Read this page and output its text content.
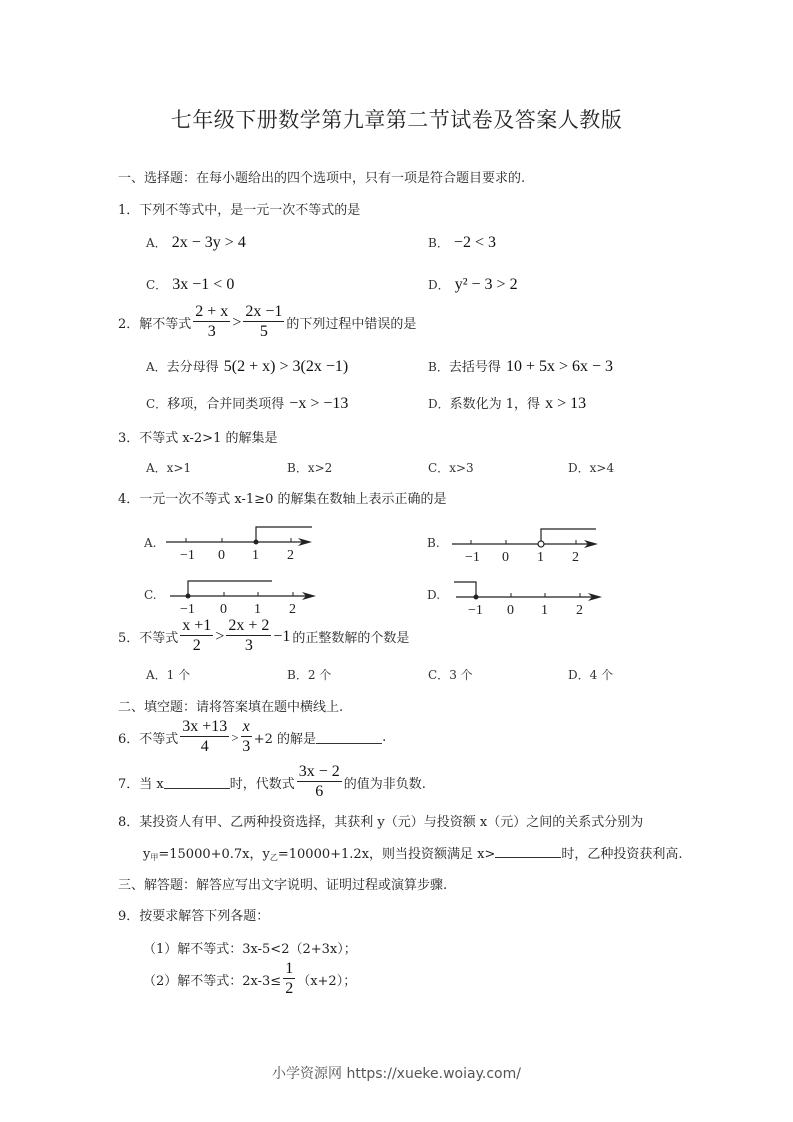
七年级下册数学第九章第二节试卷及答案人教版
一、选择题：在每小题给出的四个选项中，只有一项是符合题目要求的.
1．下列不等式中，是一元一次不等式的是
A． 2x − 3y > 4	B． −2 < 3
C． 3x −1 < 0	D． y² − 3 > 2
2．解不等式 $\frac{2 + x}{3} > \frac{2x -1}{5}$ 的下列过程中错误的是
A．去分母得 5(2 + x) > 3(2x −1)	B．去括号得 10 + 5x > 6x − 3
C．移项，合并同类项得 −x > −13	D．系数化为 1，得 x > 13
3．不等式 x-2>1 的解集是
A．x>1	B．x>2	C．x>3	D．x>4
4．一元一次不等式 x-1≥0 的解集在数轴上表示正确的是
A.
−1 0 1 2
B.
−1 0 1 2
C.
−1 0 1 2
D.
−1 0 1 2
5．不等式 $\frac{x +1}{2} > \frac{2x + 2}{3} -1$ 的正整数解的个数是
A．1 个	B．2 个	C．3 个	D．4 个
二、填空题：请将答案填在题中横线上.
6．不等式 $\frac{3x +13}{4} > \frac{x}{3} +2$ 的解是	.
7．当 x	时，代数式 $\frac{3x - 2}{6}$ 的值为非负数.
8．某投资人有甲、乙两种投资选择，其获利 y（元）与投资额 x（元）之间的关系式分别为
$y_甲=15000+0.7x$，$y_乙=10000+1.2x$，则当投资额满足 x>	时，乙种投资获利高.
三、解答题：解答应写出文字说明、证明过程或演算步骤.
9．按要求解答下列各题：
（1）解不等式：3x-5<2（2+3x）；
（2）解不等式：$2x-3\le \frac{1}{2} (x+2)$；
小学资源网 https://xueke.woiay.com/
